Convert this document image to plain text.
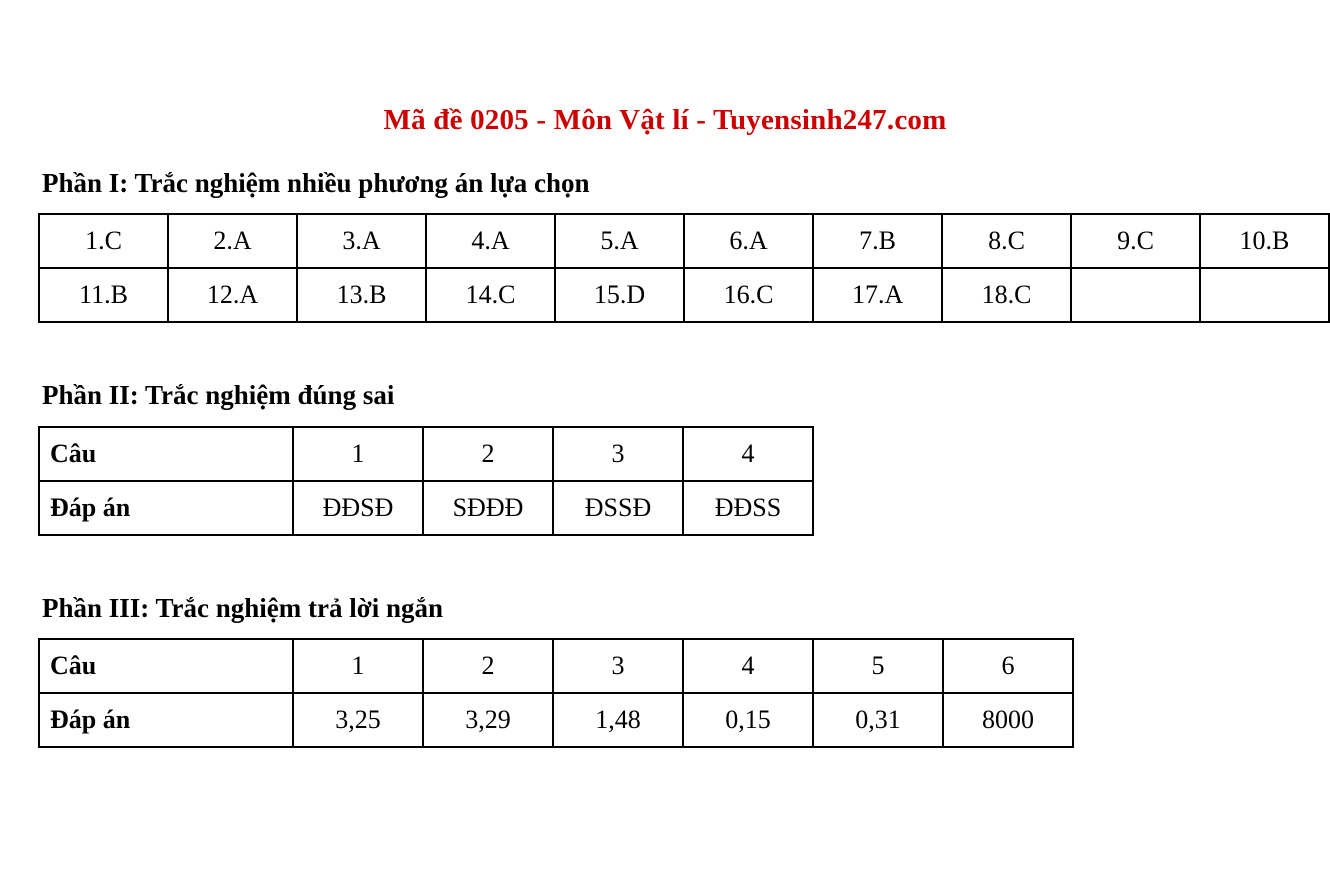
Mã đề 0205 - Môn Vật lí - Tuyensinh247.com
Phần I: Trắc nghiệm nhiều phương án lựa chọn
1.C	2.A	3.A	4.A	5.A	6.A	7.B	8.C	9.C	10.B
11.B	12.A	13.B	14.C	15.D	16.C	17.A	18.C		
Phần II: Trắc nghiệm đúng sai
Câu	1	2	3	4
Đáp án	ĐĐSĐ	SĐĐĐ	ĐSSĐ	ĐĐSS
Phần III: Trắc nghiệm trả lời ngắn
Câu	1	2	3	4	5	6
Đáp án	3,25	3,29	1,48	0,15	0,31	8000
